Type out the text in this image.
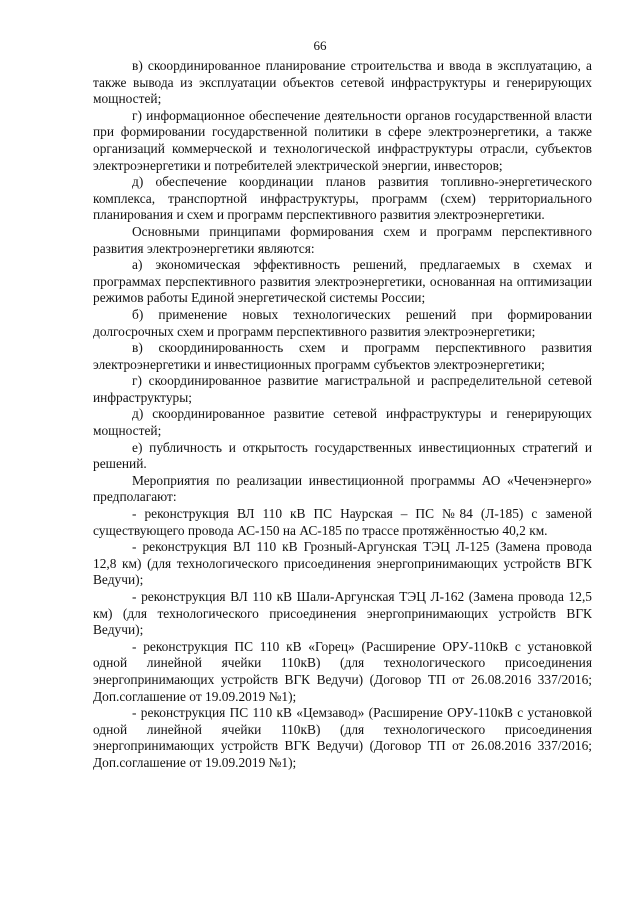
66

в) скоординированное планирование строительства и ввода в эксплуатацию, а также вывода из эксплуатации объектов сетевой инфраструктуры и генерирующих мощностей;

г) информационное обеспечение деятельности органов государственной власти при формировании государственной политики в сфере электроэнергетики, а также организаций коммерческой и технологической инфраструктуры отрасли, субъектов электроэнергетики и потребителей электрической энергии, инвесторов;

д) обеспечение координации планов развития топливно-энергетического комплекса, транспортной инфраструктуры, программ (схем) территориального планирования и схем и программ перспективного развития электроэнергетики.

Основными принципами формирования схем и программ перспективного развития электроэнергетики являются:

а) экономическая эффективность решений, предлагаемых в схемах и программах перспективного развития электроэнергетики, основанная на оптимизации режимов работы Единой энергетической системы России;

б) применение новых технологических решений при формировании долгосрочных схем и программ перспективного развития электроэнергетики;

в) скоординированность схем и программ перспективного развития электроэнергетики и инвестиционных программ субъектов электроэнергетики;

г) скоординированное развитие магистральной и распределительной сетевой инфраструктуры;

д) скоординированное развитие сетевой инфраструктуры и генерирующих мощностей;

е) публичность и открытость государственных инвестиционных стратегий и решений.

Мероприятия по реализации инвестиционной программы АО «Чеченэнерго» предполагают:

- реконструкция ВЛ 110 кВ ПС Наурская – ПС №84 (Л-185) с заменой существующего провода АС-150 на АС-185 по трассе протяжённостью 40,2 км.

- реконструкция ВЛ 110 кВ Грозный-Аргунская ТЭЦ Л-125 (Замена провода 12,8 км) (для технологического присоединения энергопринимающих устройств ВГК Ведучи);

- реконструкция ВЛ 110 кВ Шали-Аргунская ТЭЦ Л-162 (Замена провода 12,5 км) (для технологического присоединения энергопринимающих устройств ВГК Ведучи);

- реконструкция ПС 110 кВ «Горец» (Расширение ОРУ-110кВ с установкой одной линейной ячейки 110кВ) (для технологического присоединения энергопринимающих устройств ВГК Ведучи) (Договор ТП от 26.08.2016 337/2016; Доп.соглашение от 19.09.2019 №1);

- реконструкция ПС 110 кВ «Цемзавод» (Расширение ОРУ-110кВ с установкой одной линейной ячейки 110кВ) (для технологического присоединения энергопринимающих устройств ВГК Ведучи) (Договор ТП от 26.08.2016 337/2016; Доп.соглашение от 19.09.2019 №1);
